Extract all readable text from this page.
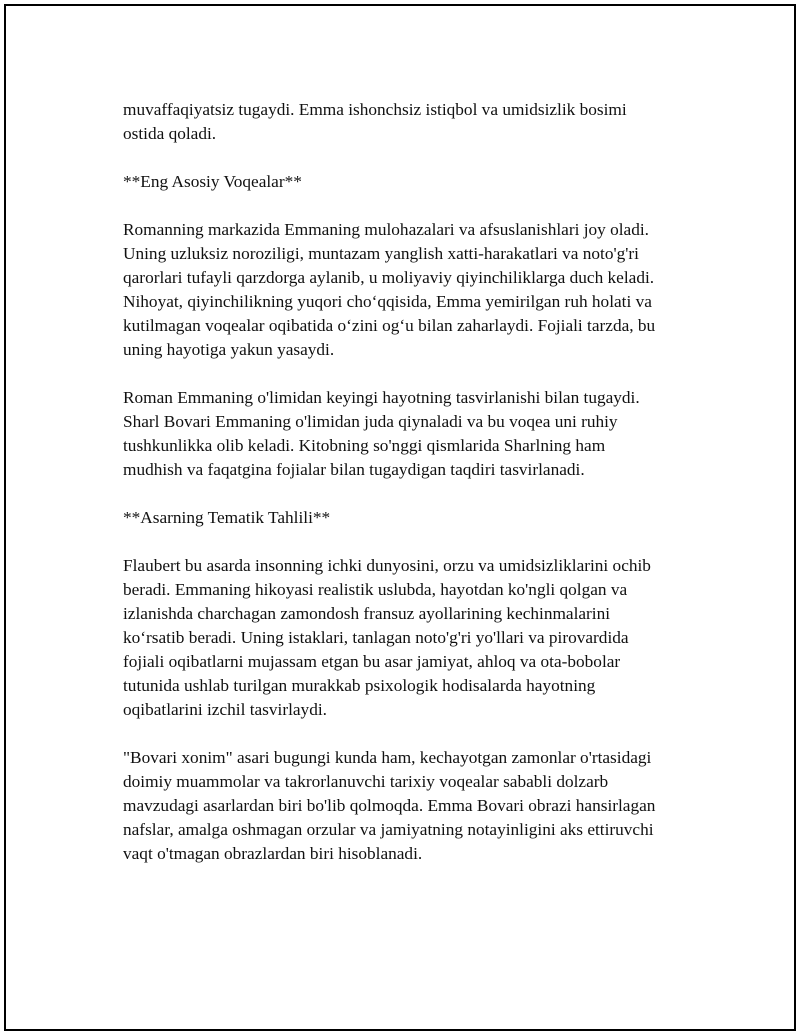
muvaffaqiyatsiz tugaydi. Emma ishonchsiz istiqbol va umidsizlik bosimi
ostida qoladi.

**Eng Asosiy Voqealar**

Romanning markazida Emmaning mulohazalari va afsuslanishlari joy oladi.
Uning uzluksiz noroziligi, muntazam yanglish xatti-harakatlari va noto'g'ri
qarorlari tufayli qarzdorga aylanib, u moliyaviy qiyinchiliklarga duch keladi.
Nihoyat, qiyinchilikning yuqori cho‘qqisida, Emma yemirilgan ruh holati va
kutilmagan voqealar oqibatida o‘zini og‘u bilan zaharlaydi. Fojiali tarzda, bu
uning hayotiga yakun yasaydi.

Roman Emmaning o'limidan keyingi hayotning tasvirlanishi bilan tugaydi.
Sharl Bovari Emmaning o'limidan juda qiynaladi va bu voqea uni ruhiy
tushkunlikka olib keladi. Kitobning so'nggi qismlarida Sharlning ham
mudhish va faqatgina fojialar bilan tugaydigan taqdiri tasvirlanadi.

**Asarning Tematik Tahlili**

Flaubert bu asarda insonning ichki dunyosini, orzu va umidsizliklarini ochib
beradi. Emmaning hikoyasi realistik uslubda, hayotdan ko'ngli qolgan va
izlanishda charchagan zamondosh fransuz ayollarining kechinmalarini
ko‘rsatib beradi. Uning istaklari, tanlagan noto'g'ri yo'llari va pirovardida
fojiali oqibatlarni mujassam etgan bu asar jamiyat, ahloq va ota-bobolar
tutunida ushlab turilgan murakkab psixologik hodisalarda hayotning
oqibatlarini izchil tasvirlaydi.

"Bovari xonim" asari bugungi kunda ham, kechayotgan zamonlar o'rtasidagi
doimiy muammolar va takrorlanuvchi tarixiy voqealar sababli dolzarb
mavzudagi asarlardan biri bo'lib qolmoqda. Emma Bovari obrazi hansirlagan
nafslar, amalga oshmagan orzular va jamiyatning notayinligini aks ettiruvchi
vaqt o'tmagan obrazlardan biri hisoblanadi.
